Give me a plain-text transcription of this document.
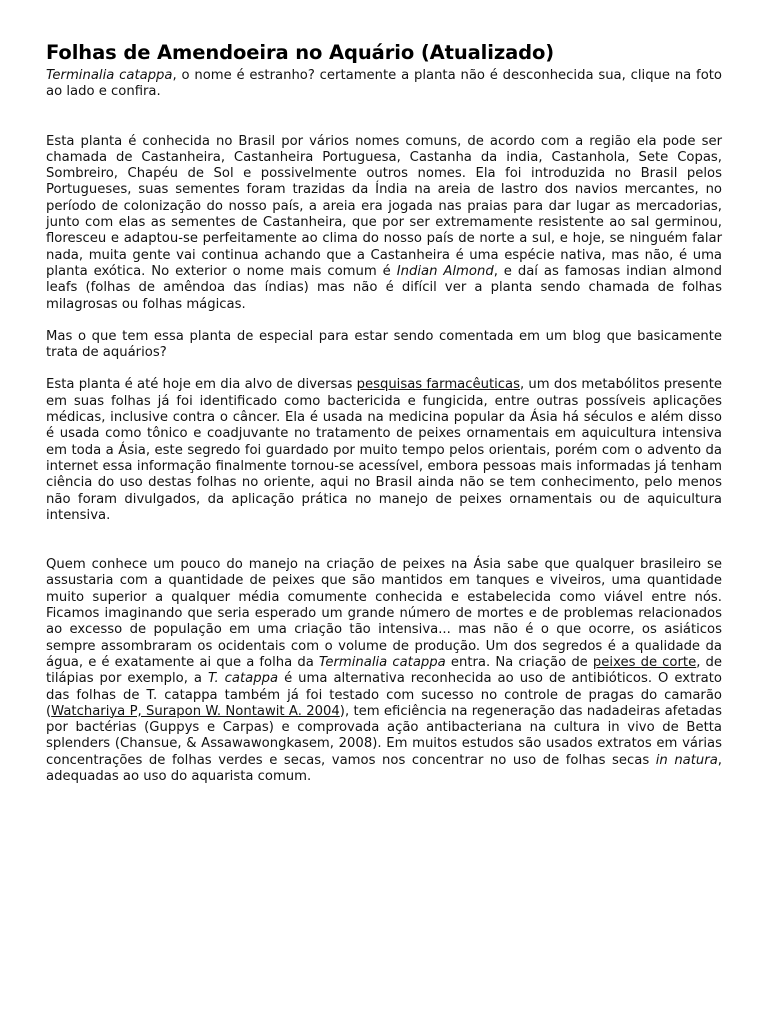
Folhas de Amendoeira no Aquário (Atualizado)

Terminalia catappa, o nome é estranho? certamente a planta não é desconhecida sua, clique na foto ao lado e confira.

Esta planta é conhecida no Brasil por vários nomes comuns, de acordo com a região ela pode ser chamada de Castanheira, Castanheira Portuguesa, Castanha da india, Castanhola, Sete Copas, Sombreiro, Chapéu de Sol e possivelmente outros nomes. Ela foi introduzida no Brasil pelos Portugueses, suas sementes foram trazidas da Índia na areia de lastro dos navios mercantes, no período de colonização do nosso país, a areia era jogada nas praias para dar lugar as mercadorias, junto com elas as sementes de Castanheira, que por ser extremamente resistente ao sal germinou, floresceu e adaptou-se perfeitamente ao clima do nosso país de norte a sul, e hoje, se ninguém falar nada, muita gente vai continua achando que a Castanheira é uma espécie nativa, mas não, é uma planta exótica. No exterior o nome mais comum é Indian Almond, e daí as famosas indian almond leafs (folhas de amêndoa das índias) mas não é difícil ver a planta sendo chamada de folhas milagrosas ou folhas mágicas.

Mas o que tem essa planta de especial para estar sendo comentada em um blog que basicamente trata de aquários?

Esta planta é até hoje em dia alvo de diversas pesquisas farmacêuticas, um dos metabólitos presente em suas folhas já foi identificado como bactericida e fungicida, entre outras possíveis aplicações médicas, inclusive contra o câncer. Ela é usada na medicina popular da Ásia há séculos e além disso é usada como tônico e coadjuvante no tratamento de peixes ornamentais em aquicultura intensiva em toda a Ásia, este segredo foi guardado por muito tempo pelos orientais, porém com o advento da internet essa informação finalmente tornou-se acessível, embora pessoas mais informadas já tenham ciência do uso destas folhas no oriente, aqui no Brasil ainda não se tem conhecimento, pelo menos não foram divulgados, da aplicação prática no manejo de peixes ornamentais ou de aquicultura intensiva.

Quem conhece um pouco do manejo na criação de peixes na Ásia sabe que qualquer brasileiro se assustaria com a quantidade de peixes que são mantidos em tanques e viveiros, uma quantidade muito superior a qualquer média comumente conhecida e estabelecida como viável entre nós. Ficamos imaginando que seria esperado um grande número de mortes e de problemas relacionados ao excesso de população em uma criação tão intensiva... mas não é o que ocorre, os asiáticos sempre assombraram os ocidentais com o volume de produção. Um dos segredos é a qualidade da água, e é exatamente ai que a folha da Terminalia catappa entra. Na criação de peixes de corte, de tilápias por exemplo, a T. catappa é uma alternativa reconhecida ao uso de antibióticos. O extrato das folhas de T. catappa também já foi testado com sucesso no controle de pragas do camarão (Watchariya P, Surapon W. Nontawit A. 2004), tem eficiência na regeneração das nadadeiras afetadas por bactérias (Guppys e Carpas) e comprovada ação antibacteriana na cultura in vivo de Betta splenders (Chansue, & Assawawongkasem, 2008). Em muitos estudos são usados extratos em várias concentrações de folhas verdes e secas, vamos nos concentrar no uso de folhas secas in natura, adequadas ao uso do aquarista comum.
